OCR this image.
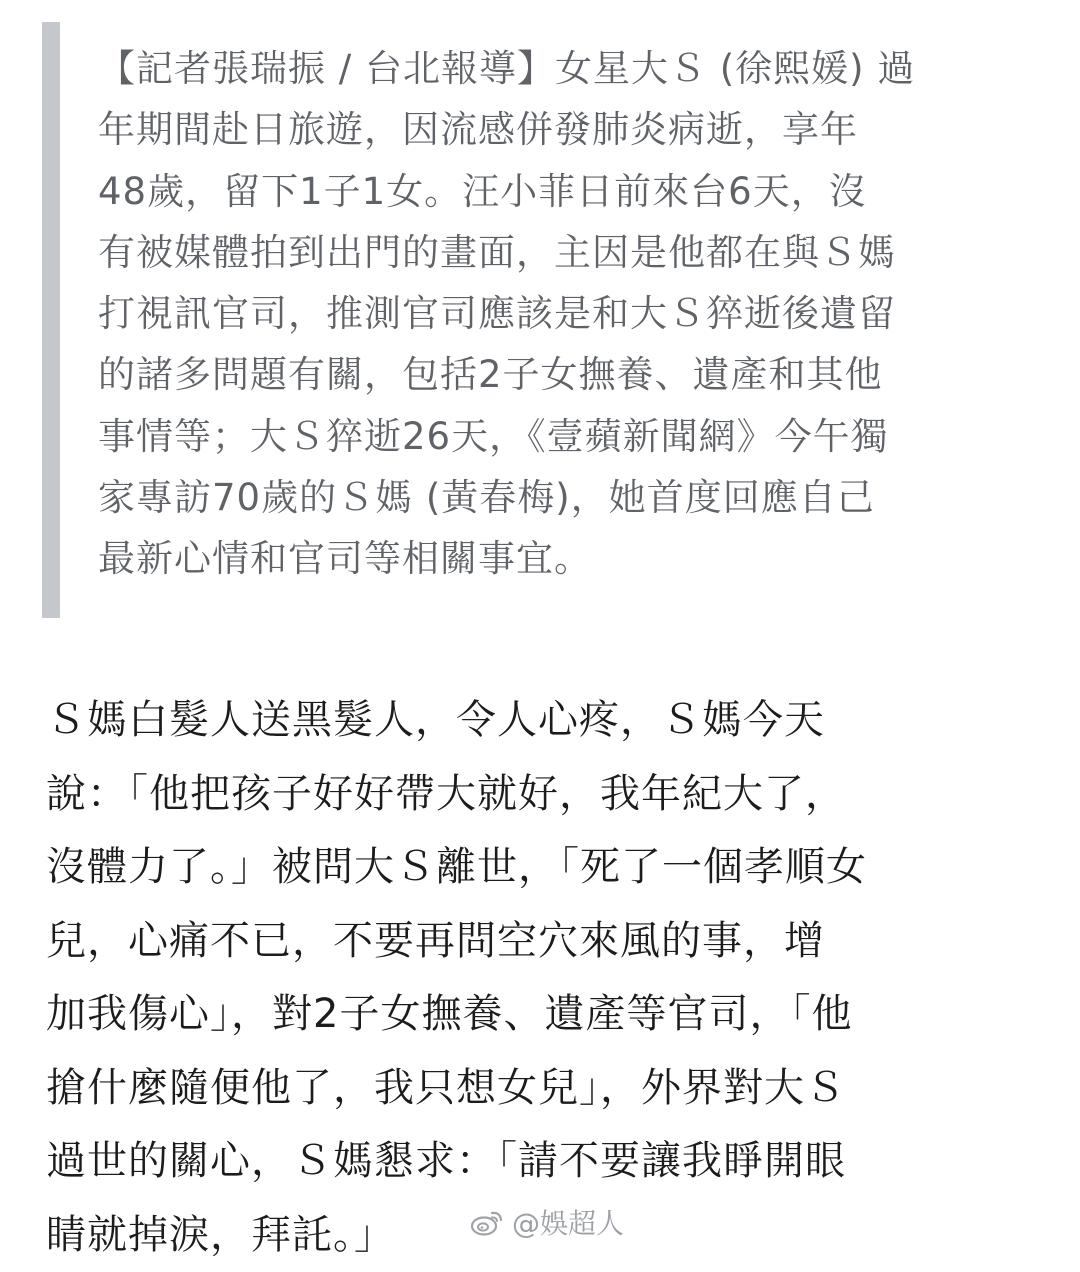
【記者張瑞振 / 台北報導】女星大Ｓ (徐熙媛) 過
年期間赴日旅遊，因流感併發肺炎病逝，享年
48歲，留下1子1女。汪小菲日前來台6天，沒
有被媒體拍到出門的畫面，主因是他都在與Ｓ媽
打視訊官司，推測官司應該是和大Ｓ猝逝後遺留
的諸多問題有關，包括2子女撫養、遺產和其他
事情等；大Ｓ猝逝26天，《壹蘋新聞網》今午獨
家專訪70歲的Ｓ媽 (黃春梅)，她首度回應自己
最新心情和官司等相關事宜。

Ｓ媽白髮人送黑髮人，令人心疼，Ｓ媽今天
說：「他把孩子好好帶大就好，我年紀大了，
沒體力了。」被問大Ｓ離世，「死了一個孝順女
兒，心痛不已，不要再問空穴來風的事，增
加我傷心」，對2子女撫養、遺產等官司，「他
搶什麼隨便他了，我只想女兒」，外界對大Ｓ
過世的關心，Ｓ媽懇求：「請不要讓我睜開眼
睛就掉淚，拜託。」	@娛超人
